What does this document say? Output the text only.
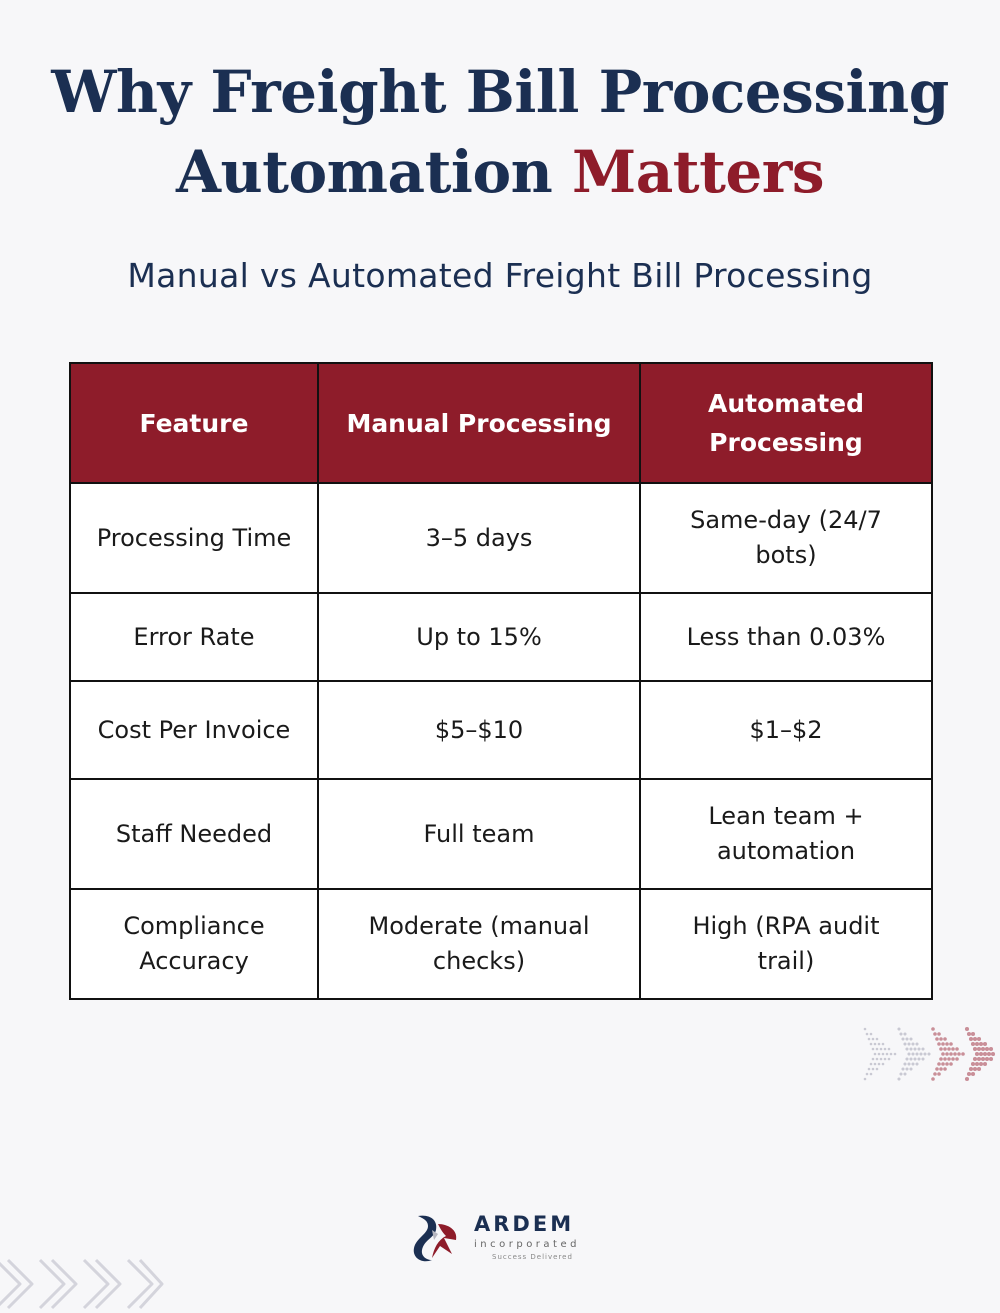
Why Freight Bill Processing
Automation Matters
Manual vs Automated Freight Bill Processing
Feature	Manual Processing	Automated Processing
Processing Time	3–5 days	Same-day (24/7 bots)
Error Rate	Up to 15%	Less than 0.03%
Cost Per Invoice	$5–$10	$1–$2
Staff Needed	Full team	Lean team + automation
Compliance Accuracy	Moderate (manual checks)	High (RPA audit trail)
ARDEM
incorporated
Success Delivered
